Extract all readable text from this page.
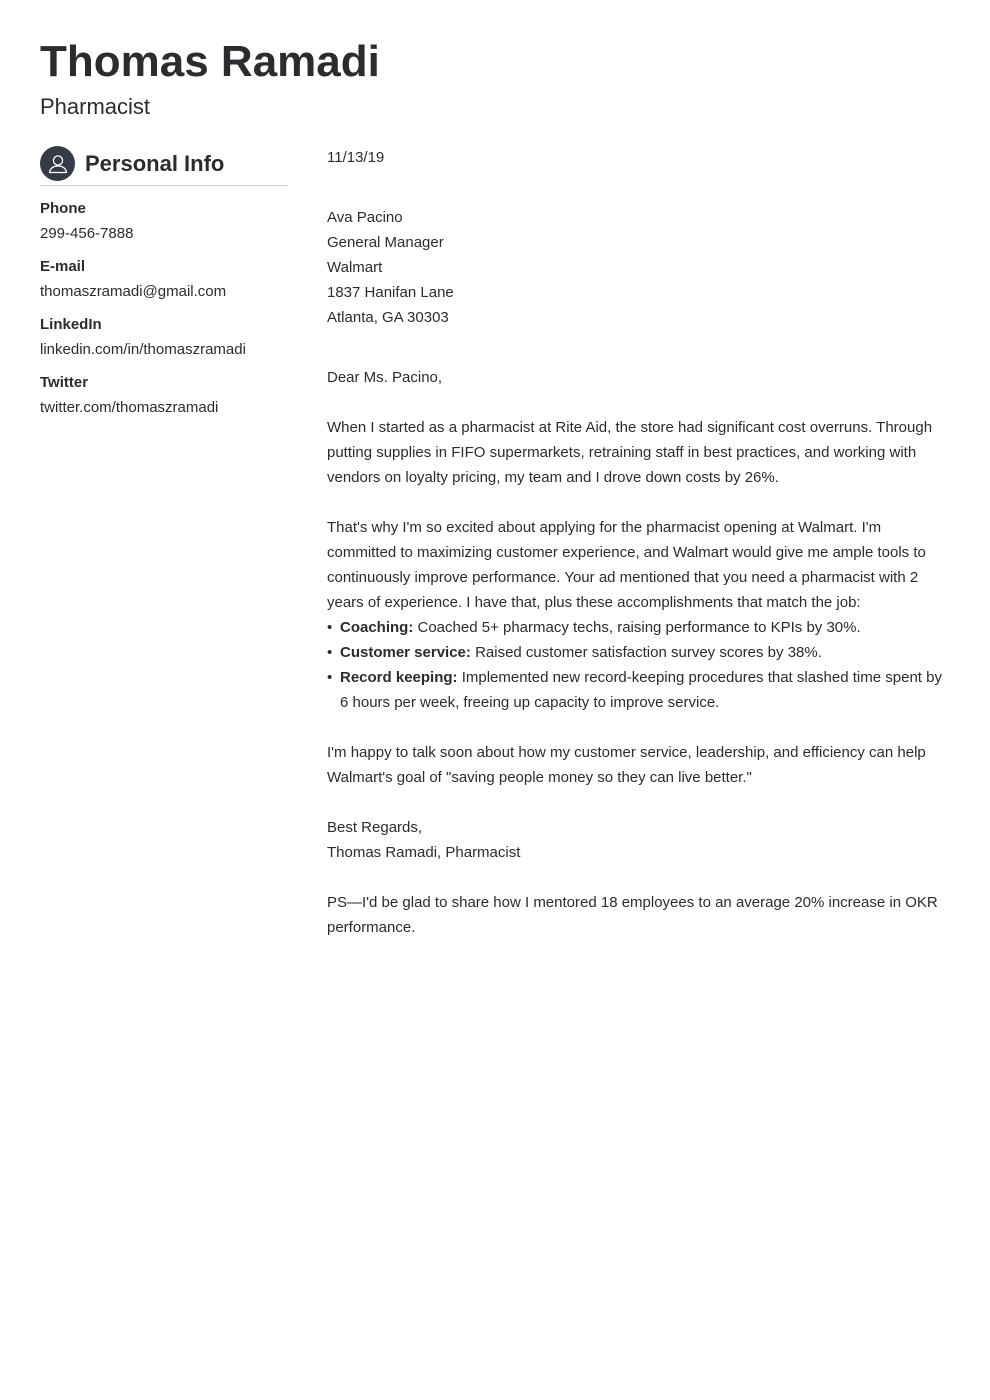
Thomas Ramadi
Pharmacist
Personal Info
Phone
299-456-7888
E-mail
thomaszramadi@gmail.com
LinkedIn
linkedin.com/in/thomaszramadi
Twitter
twitter.com/thomaszramadi

11/13/19

Ava Pacino

General Manager

Walmart

1837 Hanifan Lane

Atlanta, GA 30303

Dear Ms. Pacino,

When I started as a pharmacist at Rite Aid, the store had significant cost overruns. Through putting supplies in FIFO supermarkets, retraining staff in best practices, and working with vendors on loyalty pricing, my team and I drove down costs by 26%.

That's why I'm so excited about applying for the pharmacist opening at Walmart. I'm committed to maximizing customer experience, and Walmart would give me ample tools to continuously improve performance. Your ad mentioned that you need a pharmacist with 2 years of experience. I have that, plus these accomplishments that match the job:

• Coaching: Coached 5+ pharmacy techs, raising performance to KPIs by 30%.
• Customer service: Raised customer satisfaction survey scores by 38%.
• Record keeping: Implemented new record-keeping procedures that slashed time spent by 6 hours per week, freeing up capacity to improve service.

I'm happy to talk soon about how my customer service, leadership, and efficiency can help Walmart's goal of "saving people money so they can live better."

Best Regards,

Thomas Ramadi, Pharmacist

PS—I'd be glad to share how I mentored 18 employees to an average 20% increase in OKR performance.
